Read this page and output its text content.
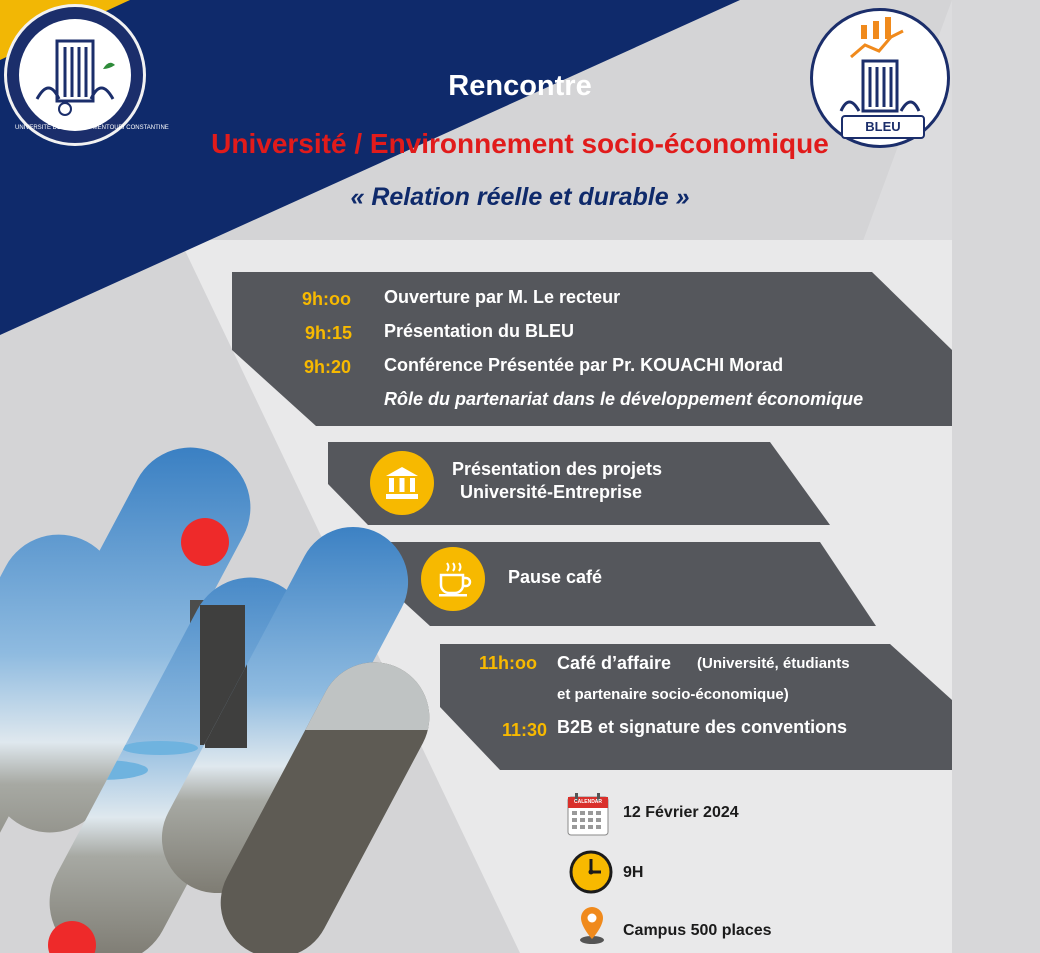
UNIVERSITÉ DES FRÈRES MENTOURI CONSTANTINE	BLEU
Rencontre
Université / Environnement socio-économique
« Relation réelle et durable »
9h:oo Ouverture par M. Le recteur
9h:15 Présentation du BLEU
9h:20 Conférence Présentée par Pr. KOUACHI Morad
Rôle du partenariat dans le développement économique
Présentation des projets
Université-Entreprise
Pause café
11h:oo Café d’affaire (Université, étudiants
et partenaire socio-économique)
11:30 B2B et signature des conventions
CALENDAR
12 Février 2024
9H
Campus 500 places
